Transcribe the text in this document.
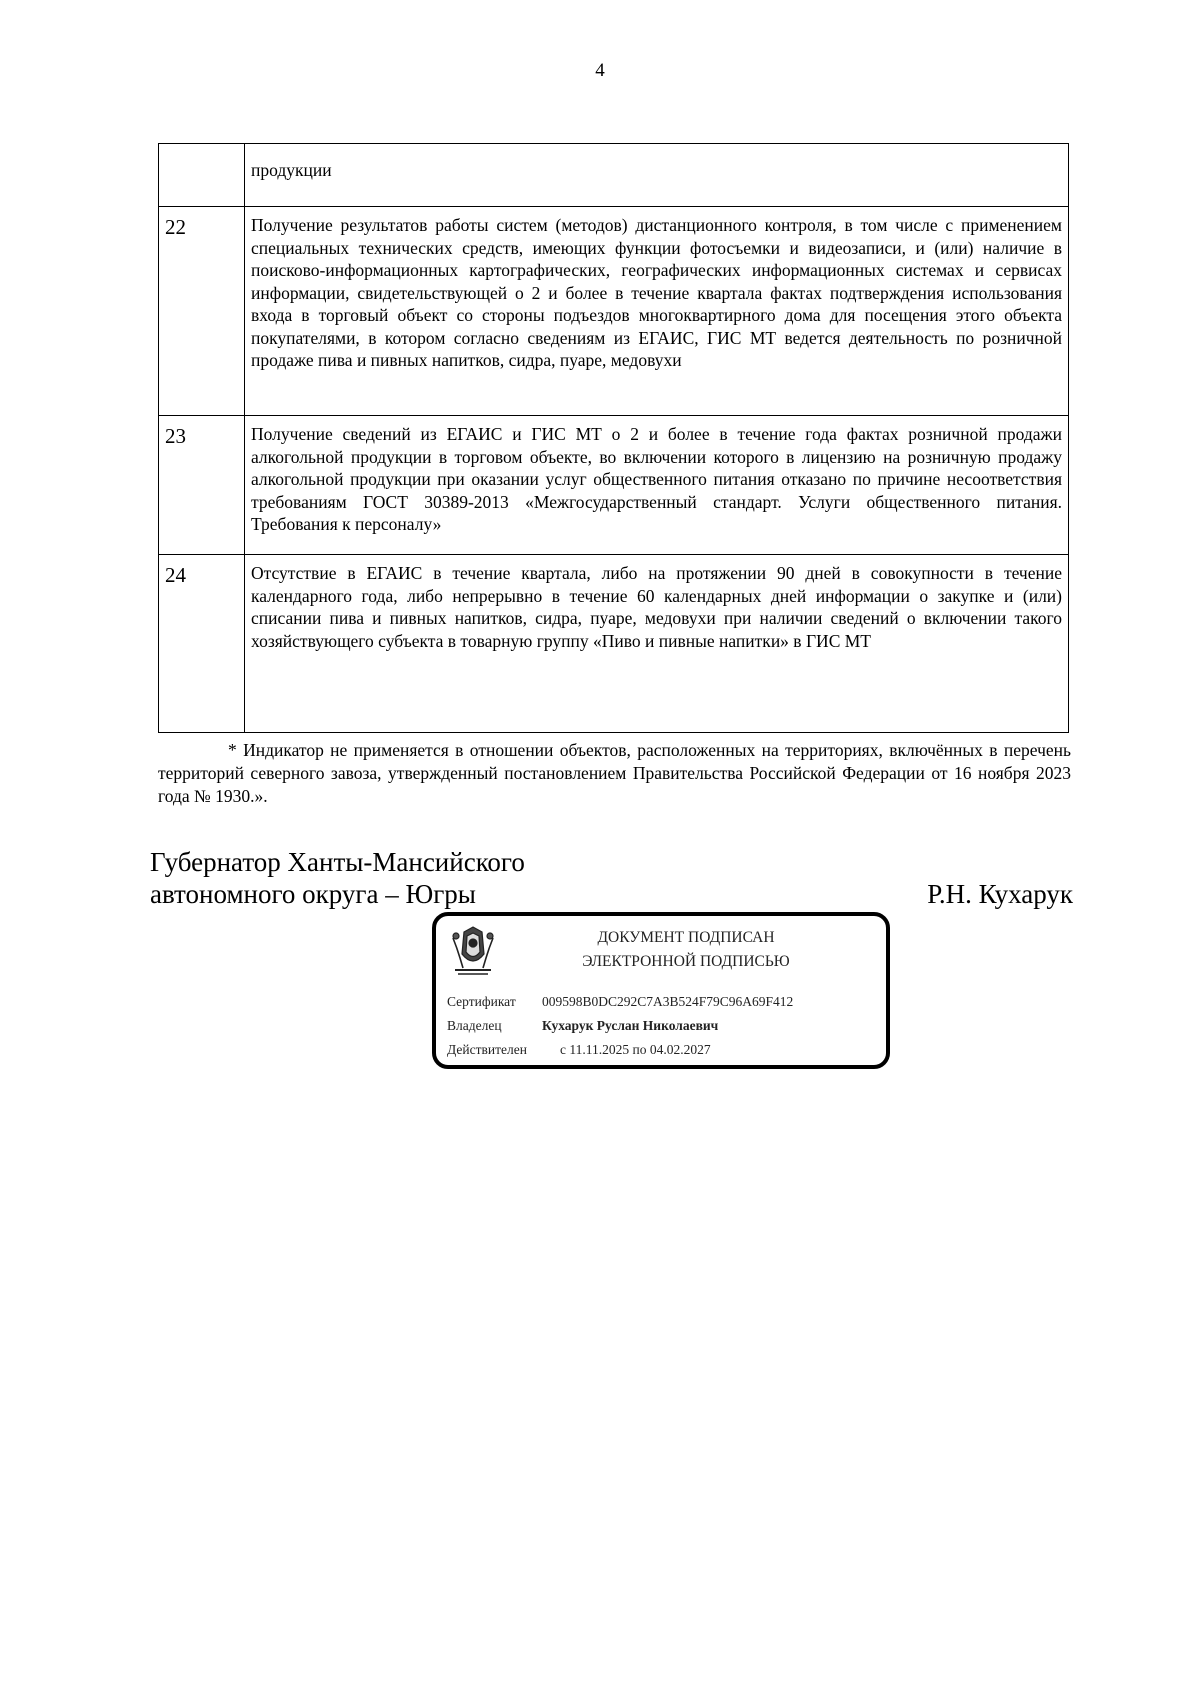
4
	продукции
22	Получение результатов работы систем (методов) дистанционного контроля, в том числе с применением специальных технических средств, имеющих функции фотосъемки и видеозаписи, и (или) наличие в поисково-информационных картографических, географических информационных системах и сервисах информации, свидетельствующей о 2 и более в течение квартала фактах подтверждения использования входа в торговый объект со стороны подъездов многоквартирного дома для посещения этого объекта покупателями, в котором согласно сведениям из ЕГАИС, ГИС МТ ведется деятельность по розничной продаже пива и пивных напитков, сидра, пуаре, медовухи
23	Получение сведений из ЕГАИС и ГИС МТ о 2 и более в течение года фактах розничной продажи алкогольной продукции в торговом объекте, во включении которого в лицензию на розничную продажу алкогольной продукции при оказании услуг общественного питания отказано по причине несоответствия требованиям ГОСТ 30389-2013 «Межгосударственный стандарт. Услуги общественного питания. Требования к персоналу»
24	Отсутствие в ЕГАИС в течение квартала, либо на протяжении 90 дней в совокупности в течение календарного года, либо непрерывно в течение 60 календарных дней информации о закупке и (или) списании пива и пивных напитков, сидра, пуаре, медовухи при наличии сведений о включении такого хозяйствующего субъекта в товарную группу «Пиво и пивные напитки» в ГИС МТ
* Индикатор не применяется в отношении объектов, расположенных на территориях, включённых в перечень территорий северного завоза, утвержденный постановлением Правительства Российской Федерации от 16 ноября 2023 года № 1930.».
Губернатор Ханты-Мансийского
автономного округа – Югры	Р.Н. Кухарук
ДОКУМЕНТ ПОДПИСАН
ЭЛЕКТРОННОЙ ПОДПИСЬЮ
Сертификат 009598B0DC292C7A3B524F79C96A69F412
Владелец	Кухарук Руслан Николаевич
Действителен с 11.11.2025 по 04.02.2027
